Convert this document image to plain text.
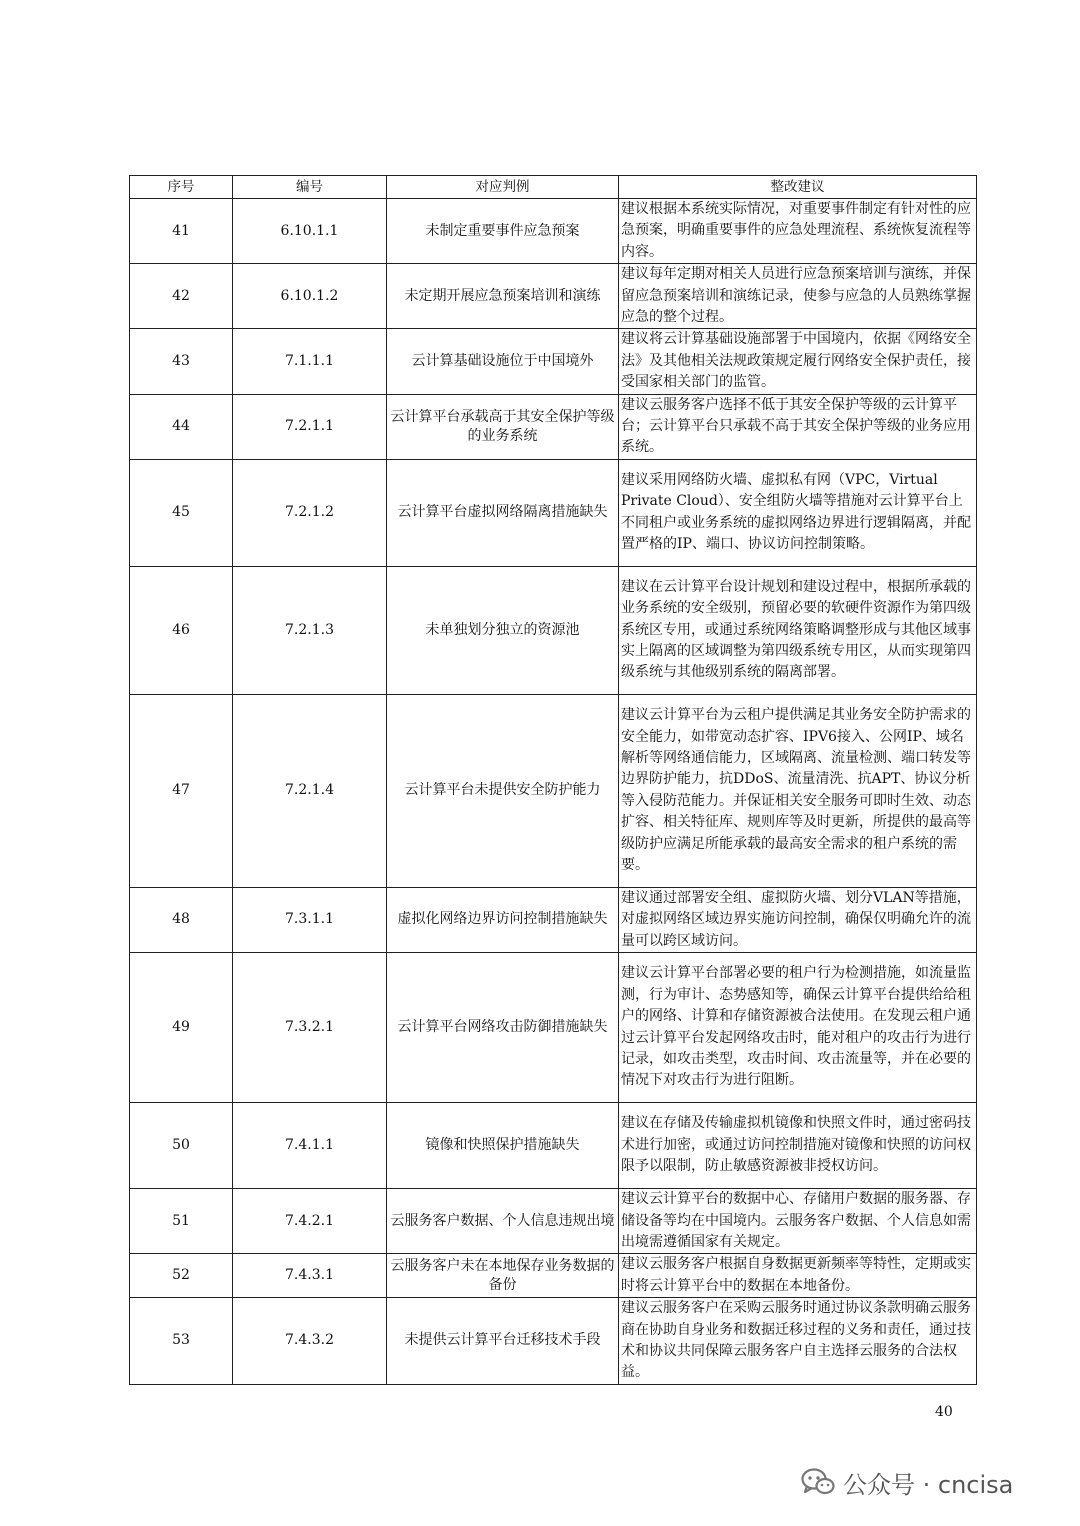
序号	编号	对应判例	整改建议
41	6.10.1.1	未制定重要事件应急预案	建议根据本系统实际情况，对重要事件制定有针对性的应急预案，明确重要事件的应急处理流程、系统恢复流程等内容。
42	6.10.1.2	未定期开展应急预案培训和演练	建议每年定期对相关人员进行应急预案培训与演练，并保留应急预案培训和演练记录，使参与应急的人员熟练掌握应急的整个过程。
43	7.1.1.1	云计算基础设施位于中国境外	建议将云计算基础设施部署于中国境内，依据《网络安全法》及其他相关法规政策规定履行网络安全保护责任，接受国家相关部门的监管。
44	7.2.1.1	云计算平台承载高于其安全保护等级的业务系统	建议云服务客户选择不低于其安全保护等级的云计算平台；云计算平台只承载不高于其安全保护等级的业务应用系统。
45	7.2.1.2	云计算平台虚拟网络隔离措施缺失	建议采用网络防火墙、虚拟私有网（VPC，Virtual Private Cloud）、安全组防火墙等措施对云计算平台上不同租户或业务系统的虚拟网络边界进行逻辑隔离，并配置严格的IP、端口、协议访问控制策略。
46	7.2.1.3	未单独划分独立的资源池	建议在云计算平台设计规划和建设过程中，根据所承载的业务系统的安全级别，预留必要的软硬件资源作为第四级系统区专用，或通过系统网络策略调整形成与其他区域事实上隔离的区域调整为第四级系统专用区，从而实现第四级系统与其他级别系统的隔离部署。
47	7.2.1.4	云计算平台未提供安全防护能力	建议云计算平台为云租户提供满足其业务安全防护需求的安全能力，如带宽动态扩容、IPV6接入、公网IP、域名解析等网络通信能力，区域隔离、流量检测、端口转发等边界防护能力，抗DDoS、流量清洗、抗APT、协议分析等入侵防范能力。并保证相关安全服务可即时生效、动态扩容、相关特征库、规则库等及时更新，所提供的最高等级防护应满足所能承载的最高安全需求的租户系统的需要。
48	7.3.1.1	虚拟化网络边界访问控制措施缺失	建议通过部署安全组、虚拟防火墙、划分VLAN等措施，对虚拟网络区域边界实施访问控制，确保仅明确允许的流量可以跨区域访问。
49	7.3.2.1	云计算平台网络攻击防御措施缺失	建议云计算平台部署必要的租户行为检测措施，如流量监测，行为审计、态势感知等，确保云计算平台提供给给租户的网络、计算和存储资源被合法使用。在发现云租户通过云计算平台发起网络攻击时，能对租户的攻击行为进行记录，如攻击类型，攻击时间、攻击流量等，并在必要的情况下对攻击行为进行阻断。
50	7.4.1.1	镜像和快照保护措施缺失	建议在存储及传输虚拟机镜像和快照文件时，通过密码技术进行加密，或通过访问控制措施对镜像和快照的访问权限予以限制，防止敏感资源被非授权访问。
51	7.4.2.1	云服务客户数据、个人信息违规出境	建议云计算平台的数据中心、存储用户数据的服务器、存储设备等均在中国境内。云服务客户数据、个人信息如需出境需遵循国家有关规定。
52	7.4.3.1	云服务客户未在本地保存业务数据的备份	建议云服务客户根据自身数据更新频率等特性，定期或实时将云计算平台中的数据在本地备份。
53	7.4.3.2	未提供云计算平台迁移技术手段	建议云服务客户在采购云服务时通过协议条款明确云服务商在协助自身业务和数据迁移过程的义务和责任，通过技术和协议共同保障云服务客户自主选择云服务的合法权益。
40
公众号 · cncisa
